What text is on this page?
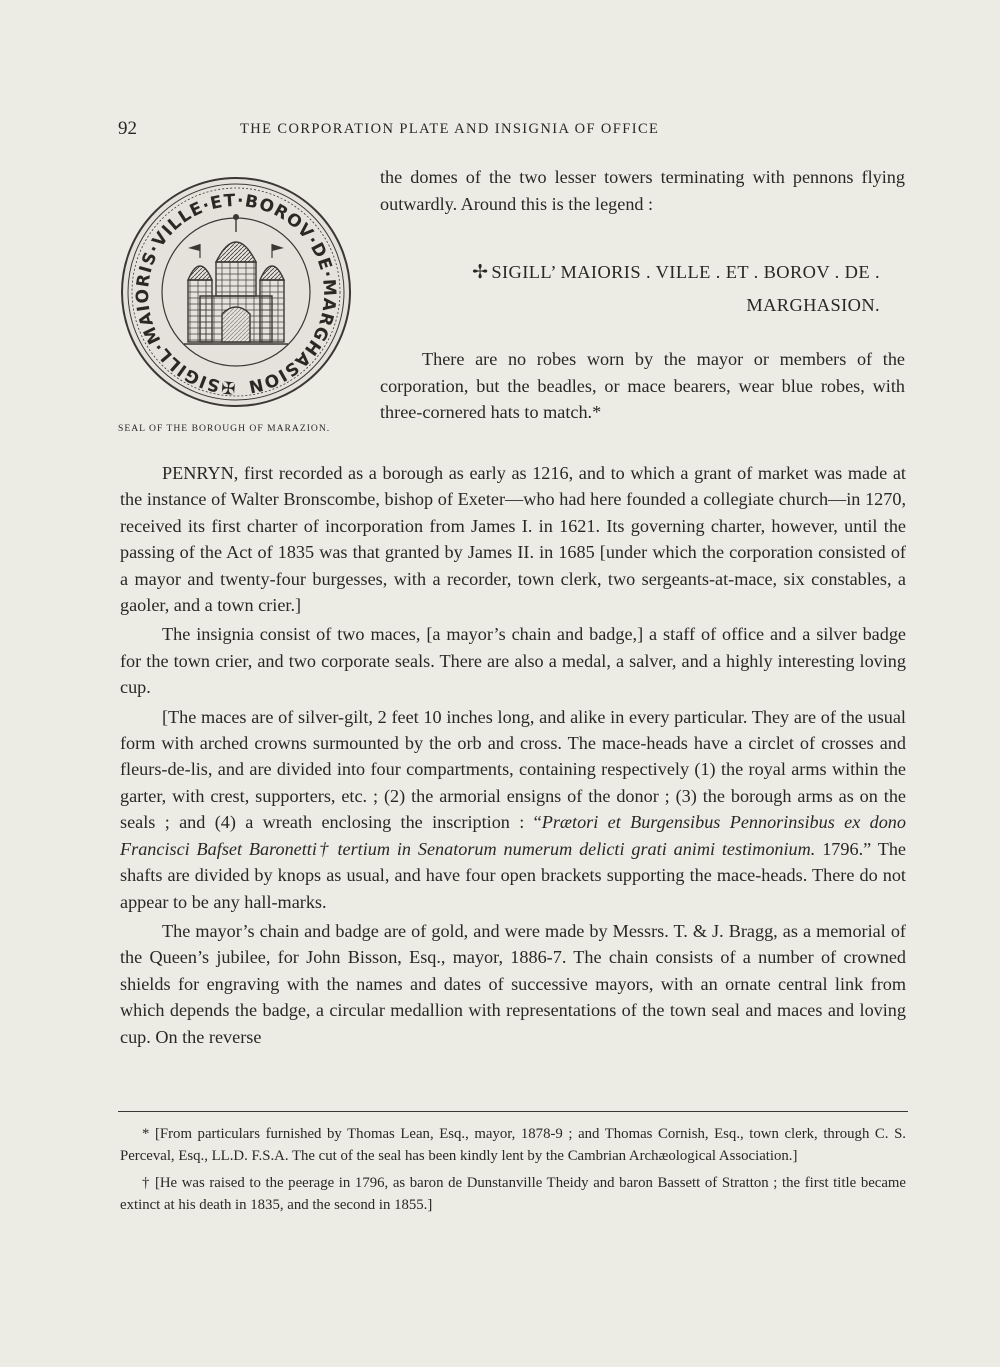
92	THE CORPORATION PLATE AND INSIGNIA OF OFFICE
✠SIGILL·MAIORIS·VILLE·ET·BOROV·DE·MARGHASION
SEAL OF THE BOROUGH OF MARAZION.

the domes of the two lesser towers terminating with pennons flying outwardly. Around this is the legend :

✢ SIGILL’ MAIORIS . VILLE . ET . BOROV . DE . MARGHASION.

There are no robes worn by the mayor or members of the corporation, but the beadles, or mace bearers, wear blue robes, with three-cornered hats to match.*

PENRYN, first recorded as a borough as early as 1216, and to which a grant of market was made at the instance of Walter Bronscombe, bishop of Exeter—who had here founded a collegiate church—in 1270, received its first charter of incorporation from James I. in 1621. Its governing charter, however, until the passing of the Act of 1835 was that granted by James II. in 1685 [under which the corporation consisted of a mayor and twenty-four burgesses, with a recorder, town clerk, two sergeants-at-mace, six constables, a gaoler, and a town crier.]

The insignia consist of two maces, [a mayor’s chain and badge,] a staff of office and a silver badge for the town crier, and two corporate seals. There are also a medal, a salver, and a highly interesting loving cup.

[The maces are of silver-gilt, 2 feet 10 inches long, and alike in every particular. They are of the usual form with arched crowns surmounted by the orb and cross. The mace-heads have a circlet of crosses and fleurs-de-lis, and are divided into four compartments, containing respectively (1) the royal arms within the garter, with crest, supporters, etc. ; (2) the armorial ensigns of the donor ; (3) the borough arms as on the seals ; and (4) a wreath enclosing the inscription : “Prætori et Burgensibus Pennorinsibus ex dono Francisci Bafset Baronetti† tertium in Senatorum numerum delicti grati animi testimonium. 1796.” The shafts are divided by knops as usual, and have four open brackets supporting the mace-heads. There do not appear to be any hall-marks.

The mayor’s chain and badge are of gold, and were made by Messrs. T. & J. Bragg, as a memorial of the Queen’s jubilee, for John Bisson, Esq., mayor, 1886-7. The chain consists of a number of crowned shields for engraving with the names and dates of successive mayors, with an ornate central link from which depends the badge, a circular medallion with representations of the town seal and maces and loving cup. On the reverse

* [From particulars furnished by Thomas Lean, Esq., mayor, 1878-9 ; and Thomas Cornish, Esq., town clerk, through C. S. Perceval, Esq., LL.D. F.S.A. The cut of the seal has been kindly lent by the Cambrian Archæological Association.]

† [He was raised to the peerage in 1796, as baron de Dunstanville Theidy and baron Bassett of Stratton ; the first title became extinct at his death in 1835, and the second in 1855.]
